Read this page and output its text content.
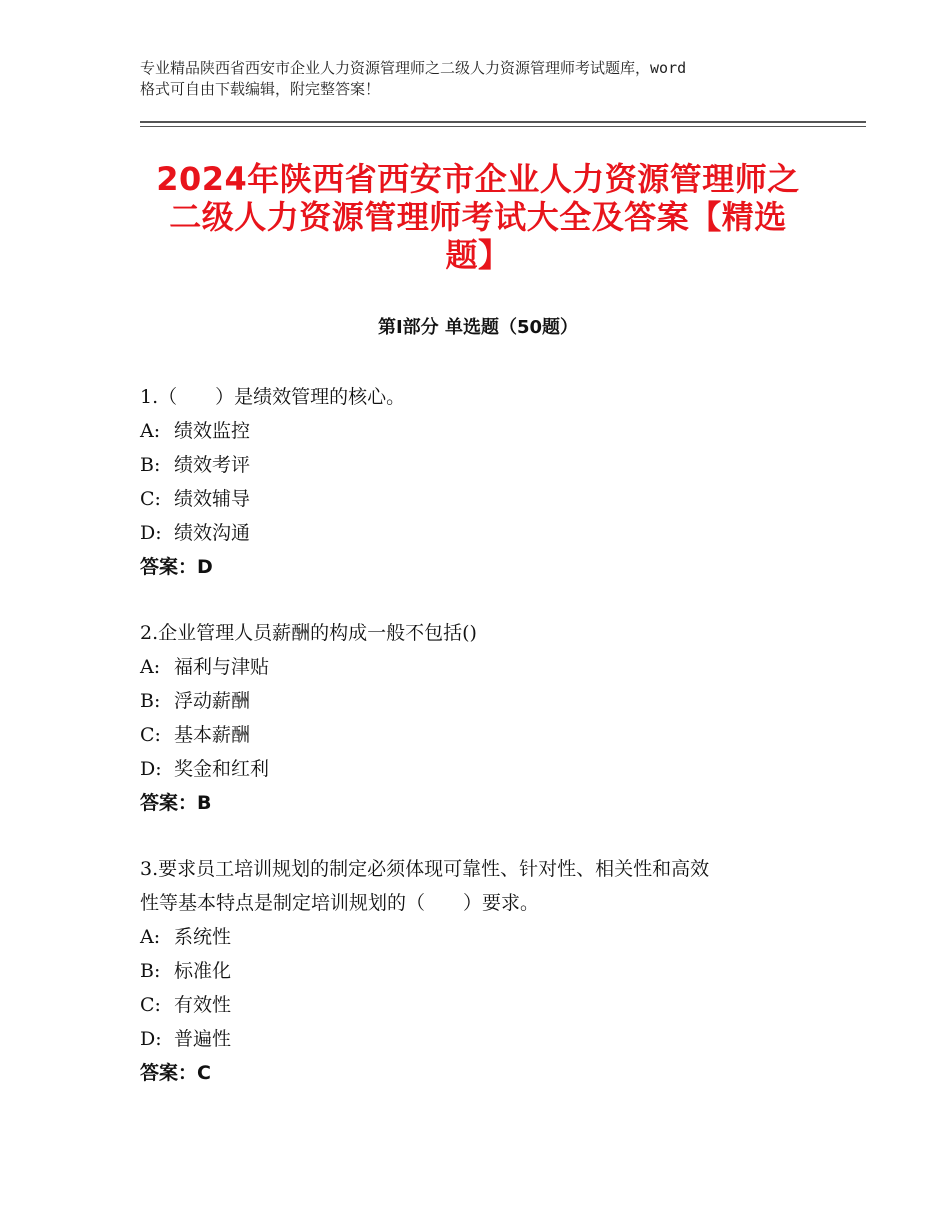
专业精品陕西省西安市企业人力资源管理师之二级人力资源管理师考试题库，word
格式可自由下载编辑，附完整答案！
2024年陕西省西安市企业人力资源管理师之
二级人力资源管理师考试大全及答案【精选
题】
第Ⅰ部分 单选题（50题）

1.（　　）是绩效管理的核心。

A: 绩效监控

B: 绩效考评

C: 绩效辅导

D: 绩效沟通

答案：D

2.企业管理人员薪酬的构成一般不包括()

A: 福利与津贴

B: 浮动薪酬

C: 基本薪酬

D: 奖金和红利

答案：B

3.要求员工培训规划的制定必须体现可靠性、针对性、相关性和高效

性等基本特点是制定培训规划的（　　）要求。

A: 系统性

B: 标准化

C: 有效性

D: 普遍性

答案：C
